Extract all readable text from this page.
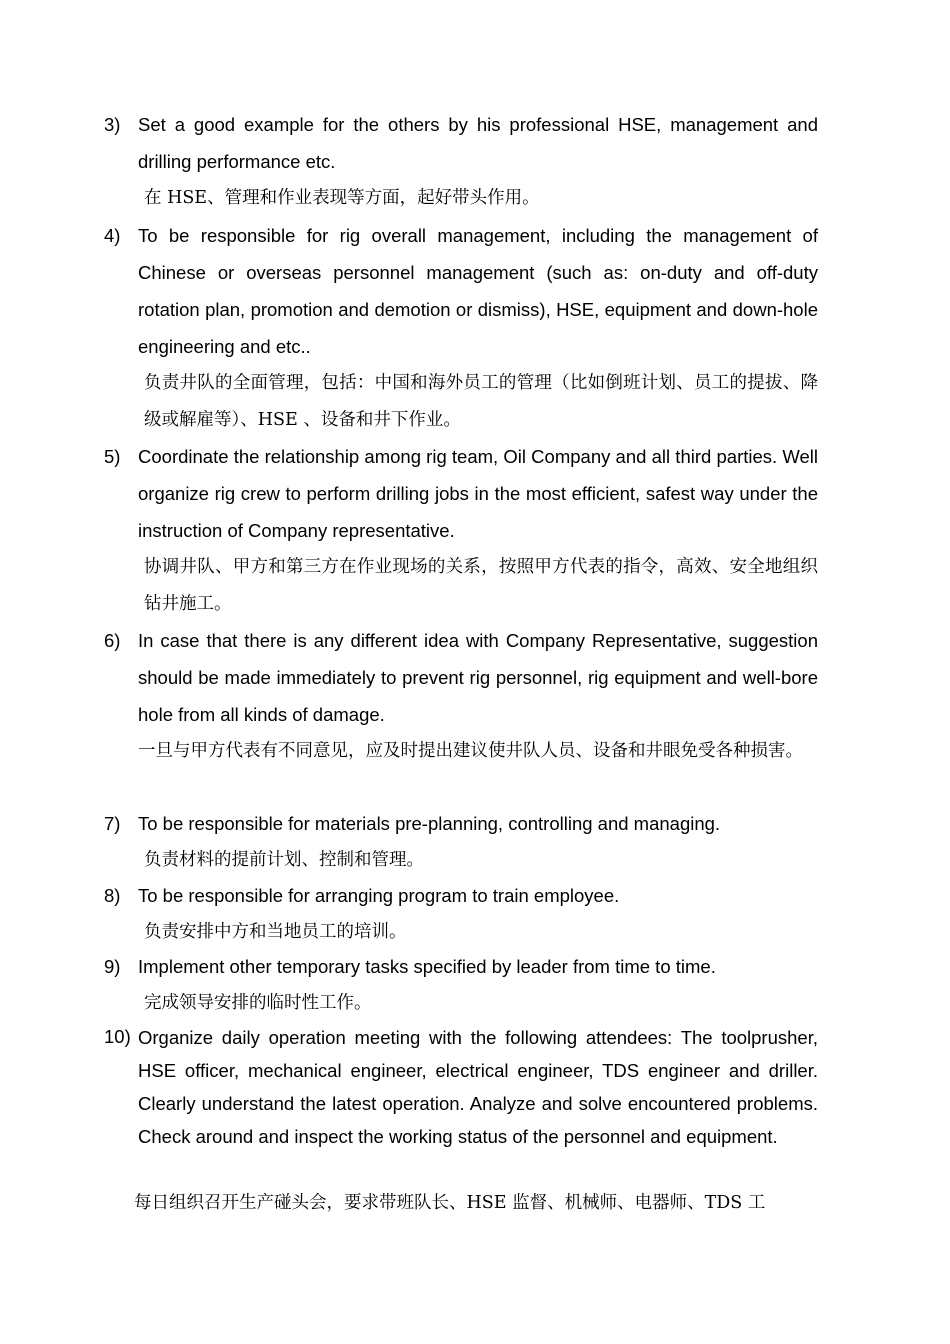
3) Set a good example for the others by his professional HSE, management and drilling performance etc.

在 HSE、管理和作业表现等方面，起好带头作用。

4) To be responsible for rig overall management, including the management of Chinese or overseas personnel management (such as: on-duty and off-duty rotation plan, promotion and demotion or dismiss), HSE, equipment and down-hole engineering and etc..

负责井队的全面管理，包括：中国和海外员工的管理（比如倒班计划、员工的提拔、降级或解雇等）、HSE 、设备和井下作业。

5) Coordinate the relationship among rig team, Oil Company and all third parties. Well organize rig crew to perform drilling jobs in the most efficient, safest way under the instruction of Company representative.

协调井队、甲方和第三方在作业现场的关系，按照甲方代表的指令，高效、安全地组织钻井施工。

6) In case that there is any different idea with Company Representative, suggestion should be made immediately to prevent rig personnel, rig equipment and well-bore hole from all kinds of damage.

一旦与甲方代表有不同意见，应及时提出建议使井队人员、设备和井眼免受各种损害。

7) To be responsible for materials pre-planning, controlling and managing.

负责材料的提前计划、控制和管理。

8) To be responsible for arranging program to train employee.

负责安排中方和当地员工的培训。

9) Implement other temporary tasks specified by leader from time to time.

完成领导安排的临时性工作。

10) Organize daily operation meeting with the following attendees: The toolprusher, HSE officer, mechanical engineer, electrical engineer, TDS engineer and driller. Clearly understand the latest operation. Analyze and solve encountered problems. Check around and inspect the working status of the personnel and equipment.

每日组织召开生产碰头会，要求带班队长、HSE 监督、机械师、电器师、TDS 工
